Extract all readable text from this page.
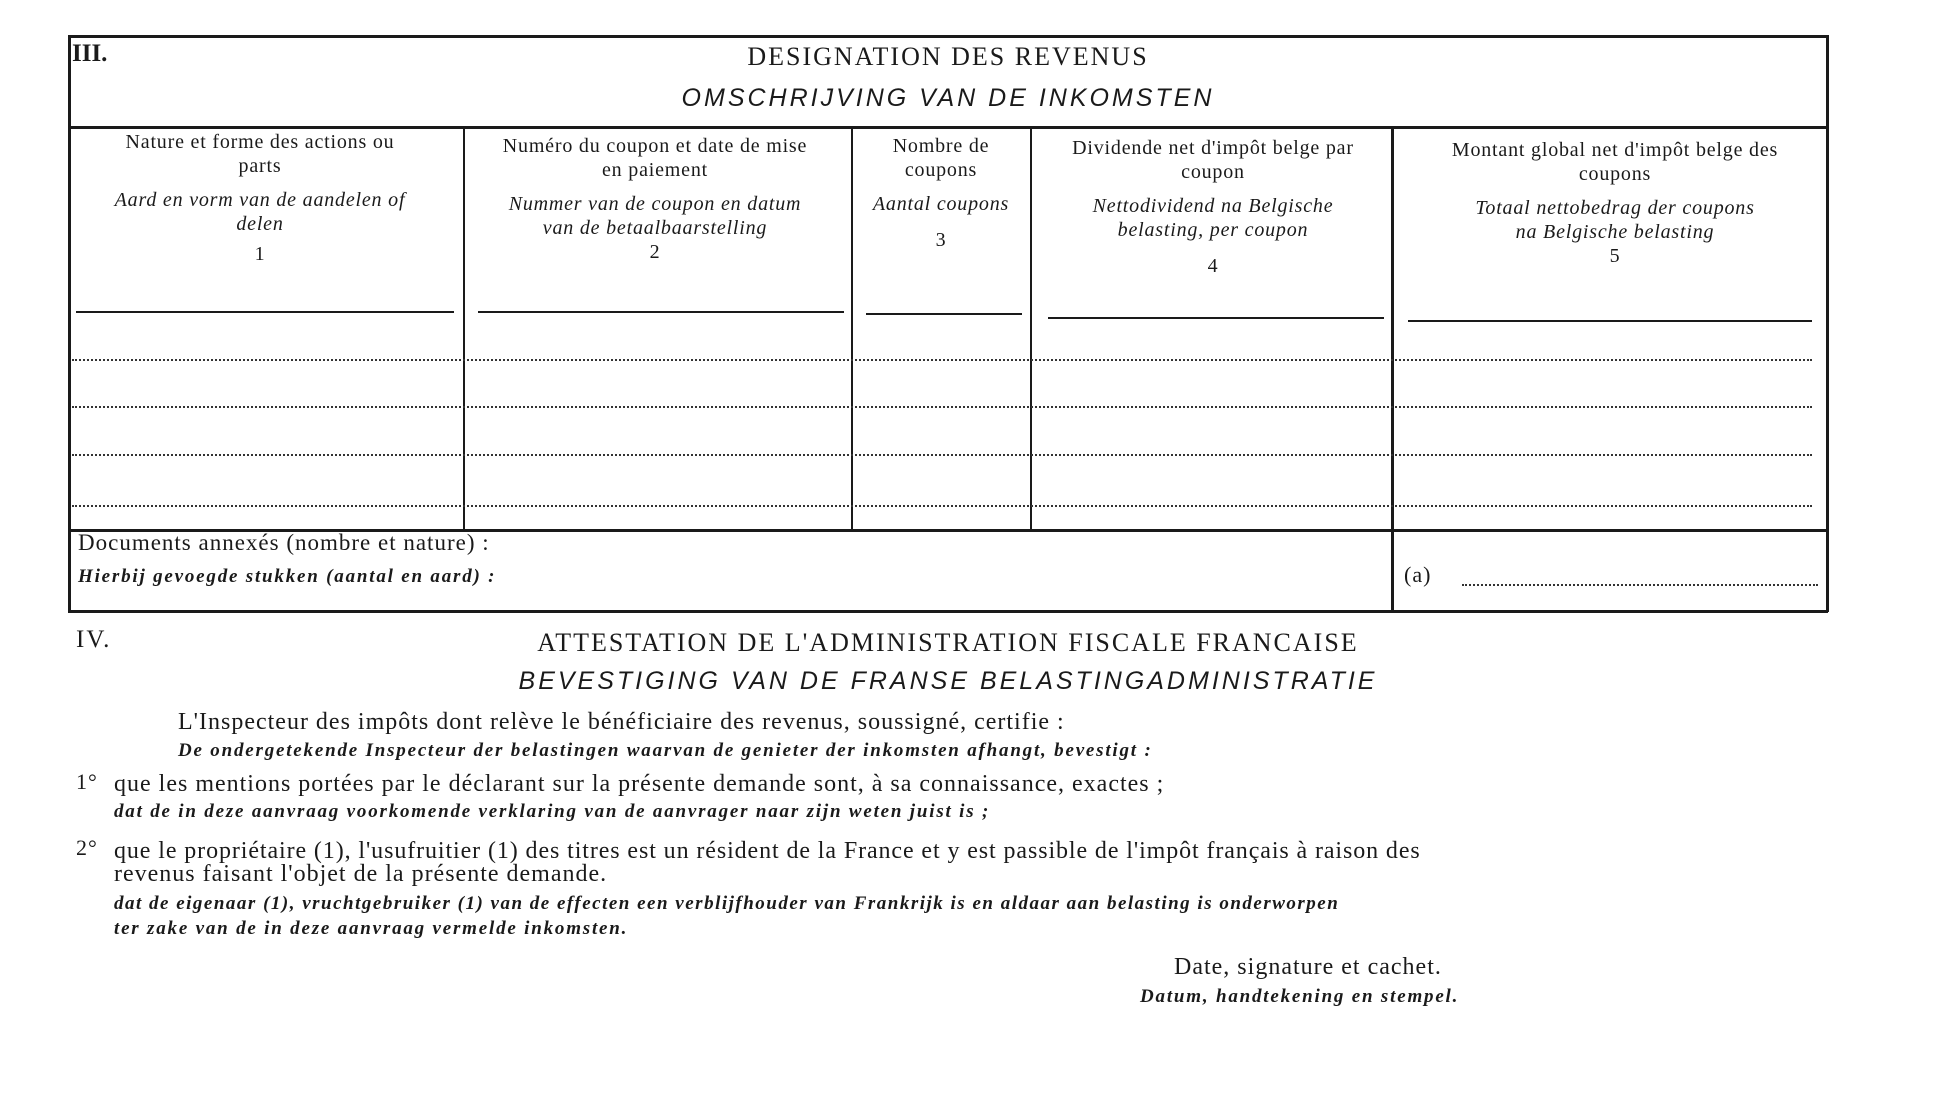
III.	DESIGNATION DES REVENUS
OMSCHRIJVING VAN DE INKOMSTEN
Nature et forme des actions ou parts
Aard en vorm van de aandelen of delen
1
Numéro du coupon et date de mise en paiement
Nummer van de coupon en datum van de betaalbaarstelling
2
Nombre de coupons
Aantal coupons
3
Dividende net d'impôt belge par coupon
Nettodividend na Belgische belasting, per coupon
4
Montant global net d'impôt belge des coupons
Totaal nettobedrag der coupons na Belgische belasting
5
Documents annexés (nombre et nature) :
Hierbij gevoegde stukken (aantal en aard) :	(a)
IV.	ATTESTATION DE L'ADMINISTRATION FISCALE FRANCAISE
BEVESTIGING VAN DE FRANSE BELASTINGADMINISTRATIE
L'Inspecteur des impôts dont relève le bénéficiaire des revenus, soussigné, certifie :
De ondergetekende Inspecteur der belastingen waarvan de genieter der inkomsten afhangt, bevestigt :
1° que les mentions portées par le déclarant sur la présente demande sont, à sa connaissance, exactes ;
dat de in deze aanvraag voorkomende verklaring van de aanvrager naar zijn weten juist is ;
2° que le propriétaire (1), l'usufruitier (1) des titres est un résident de la France et y est passible de l'impôt français à raison des
revenus faisant l'objet de la présente demande.
dat de eigenaar (1), vruchtgebruiker (1) van de effecten een verblijfhouder van Frankrijk is en aldaar aan belasting is onderworpen
ter zake van de in deze aanvraag vermelde inkomsten.
Date, signature et cachet.
Datum, handtekening en stempel.
